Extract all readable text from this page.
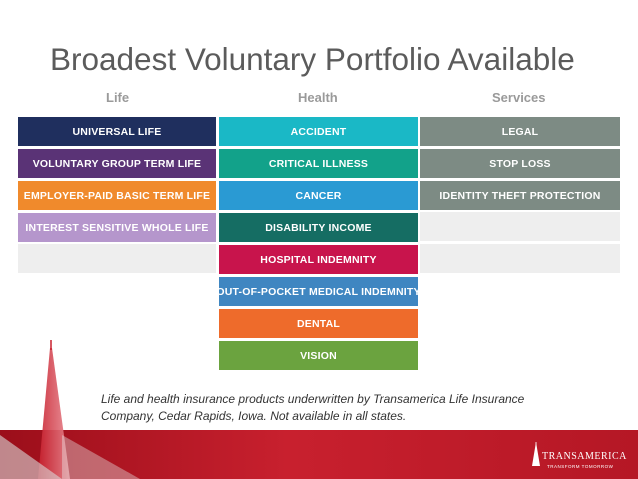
Broadest Voluntary Portfolio Available
Life	Health	Services
UNIVERSAL LIFE
VOLUNTARY GROUP TERM LIFE
EMPLOYER-PAID BASIC TERM LIFE
INTEREST SENSITIVE WHOLE LIFE
ACCIDENT
CRITICAL ILLNESS
CANCER
DISABILITY INCOME
HOSPITAL INDEMNITY
OUT-OF-POCKET MEDICAL INDEMNITY
DENTAL
VISION
LEGAL
STOP LOSS
IDENTITY THEFT PROTECTION
Life and health insurance products underwritten by Transamerica Life Insurance Company, Cedar Rapids, Iowa. Not available in all states.
TRANSAMERICA
TRANSFORM TOMORROW
